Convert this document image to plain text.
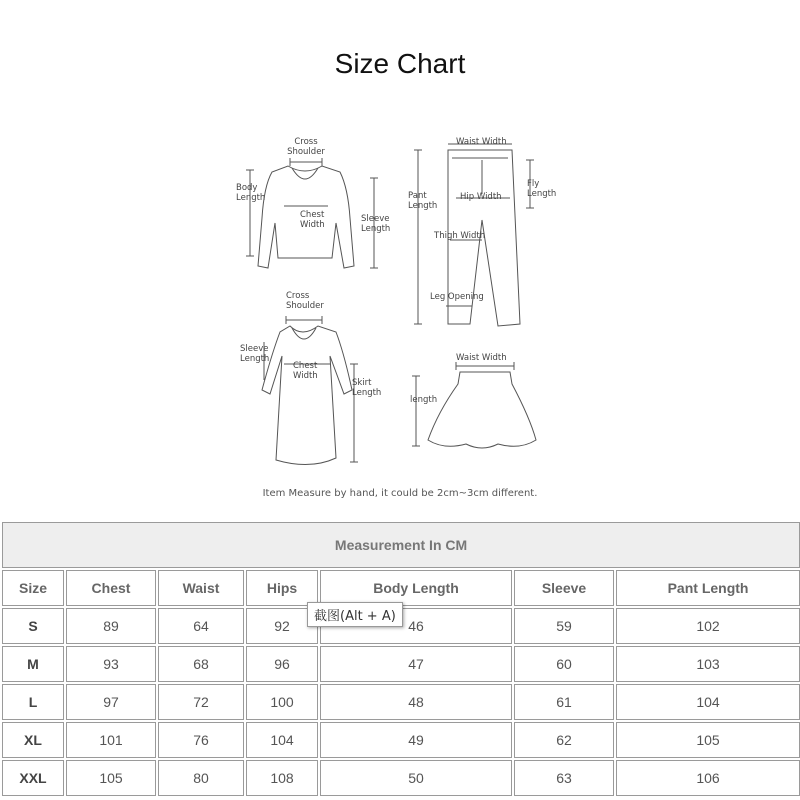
Size Chart
Cross
Shoulder
Body
Length
Chest
Width
Sleeve
Length
Waist Width
Pant
Length
Fly
Length
Hip Width
Thigh Width
Leg Opening
Cross
Shoulder
Sleeve
Length
Chest
Width
Skirt
Length
Waist Width
length
Item Measure by hand, it could be 2cm~3cm different.
Measurement In CM						
Size	Chest	Waist	Hips	Body Length	Sleeve	Pant Length
S	89	64	92	46	59	102
M	93	68	96	47	60	103
L	97	72	100	48	61	104
XL	101	76	104	49	62	105
XXL	105	80	108	50	63	106
截图(Alt + A)
